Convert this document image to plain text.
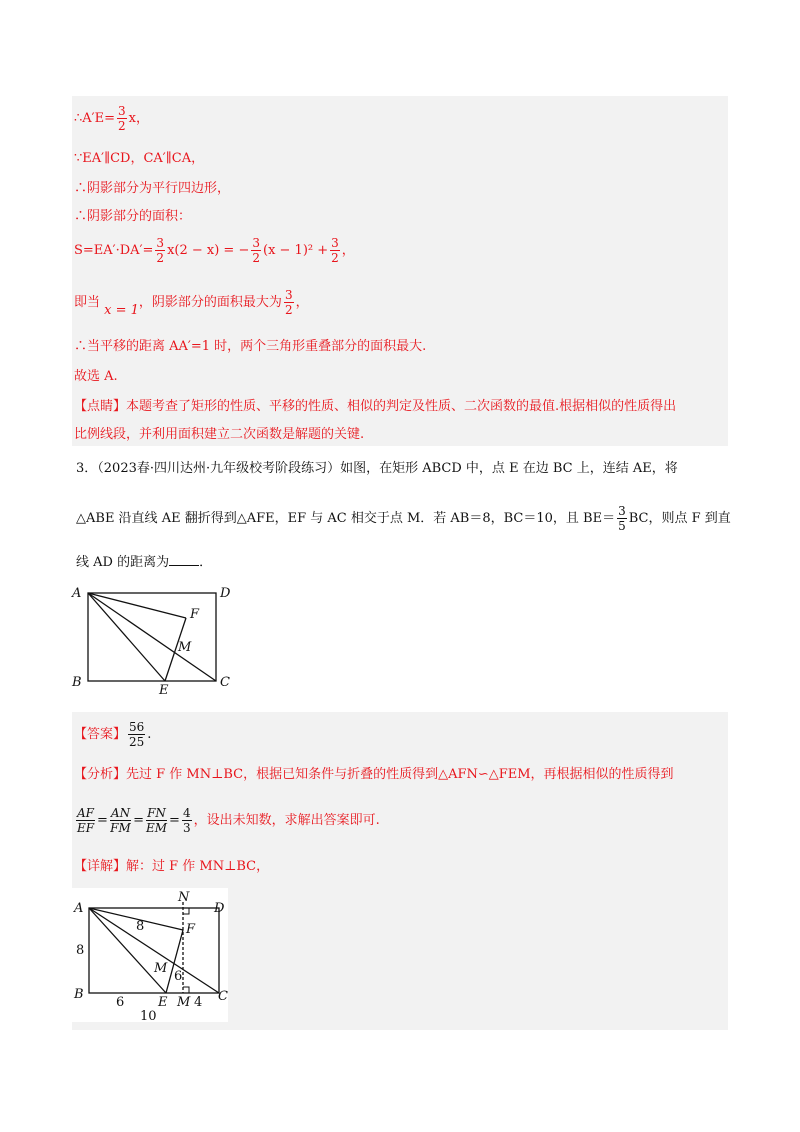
∴A′E= $\frac{3}{2}$ x，
∵EA′∥CD，CA′∥CA，
∴阴影部分为平行四边形，
∴阴影部分的面积：
$S=EA'\cdot DA'= \frac{3}{2} x(2 - x)$ = − $\frac{3}{2} (x - 1)^2 + \frac{3}{2}$ ，
即当 x = 1，阴影部分的面积最大为 $\frac{3}{2}$ ，
∴当平移的距离 AA′=1 时，两个三角形重叠部分的面积最大.
故选 A.
【点睛】本题考查了矩形的性质、平移的性质、相似的判定及性质、二次函数的最值.根据相似的性质得出
比例线段，并利用面积建立二次函数是解题的关键.
3．（2023春·四川达州·九年级校考阶段练习）如图，在矩形 ABCD 中，点 E 在边 BC 上，连结 AE，将
△ABE 沿直线 AE 翻折得到△AFE，EF 与 AC 相交于点 M．若 AB＝8，BC＝10，且 $BE= \frac{3}{5}$ BC，则点 F 到直
线 AD 的距离为 ．
A	D
F
M
B
E
C
【答案】 $\frac{56}{25}$ .
【分析】先过 F 作 MN⊥BC，根据已知条件与折叠的性质得到△AFN∽△FEM，再根据相似的性质得到
$\frac{AF}{EF} = \frac{AN}{FM} = \frac{FN}{EM} = \frac{4}{3}$ ，设出未知数，求解出答案即可.
【详解】解：过 F 作 MN⊥BC，
A
N
D
8	F
8
M
6
B	C
6	E M 4
10
